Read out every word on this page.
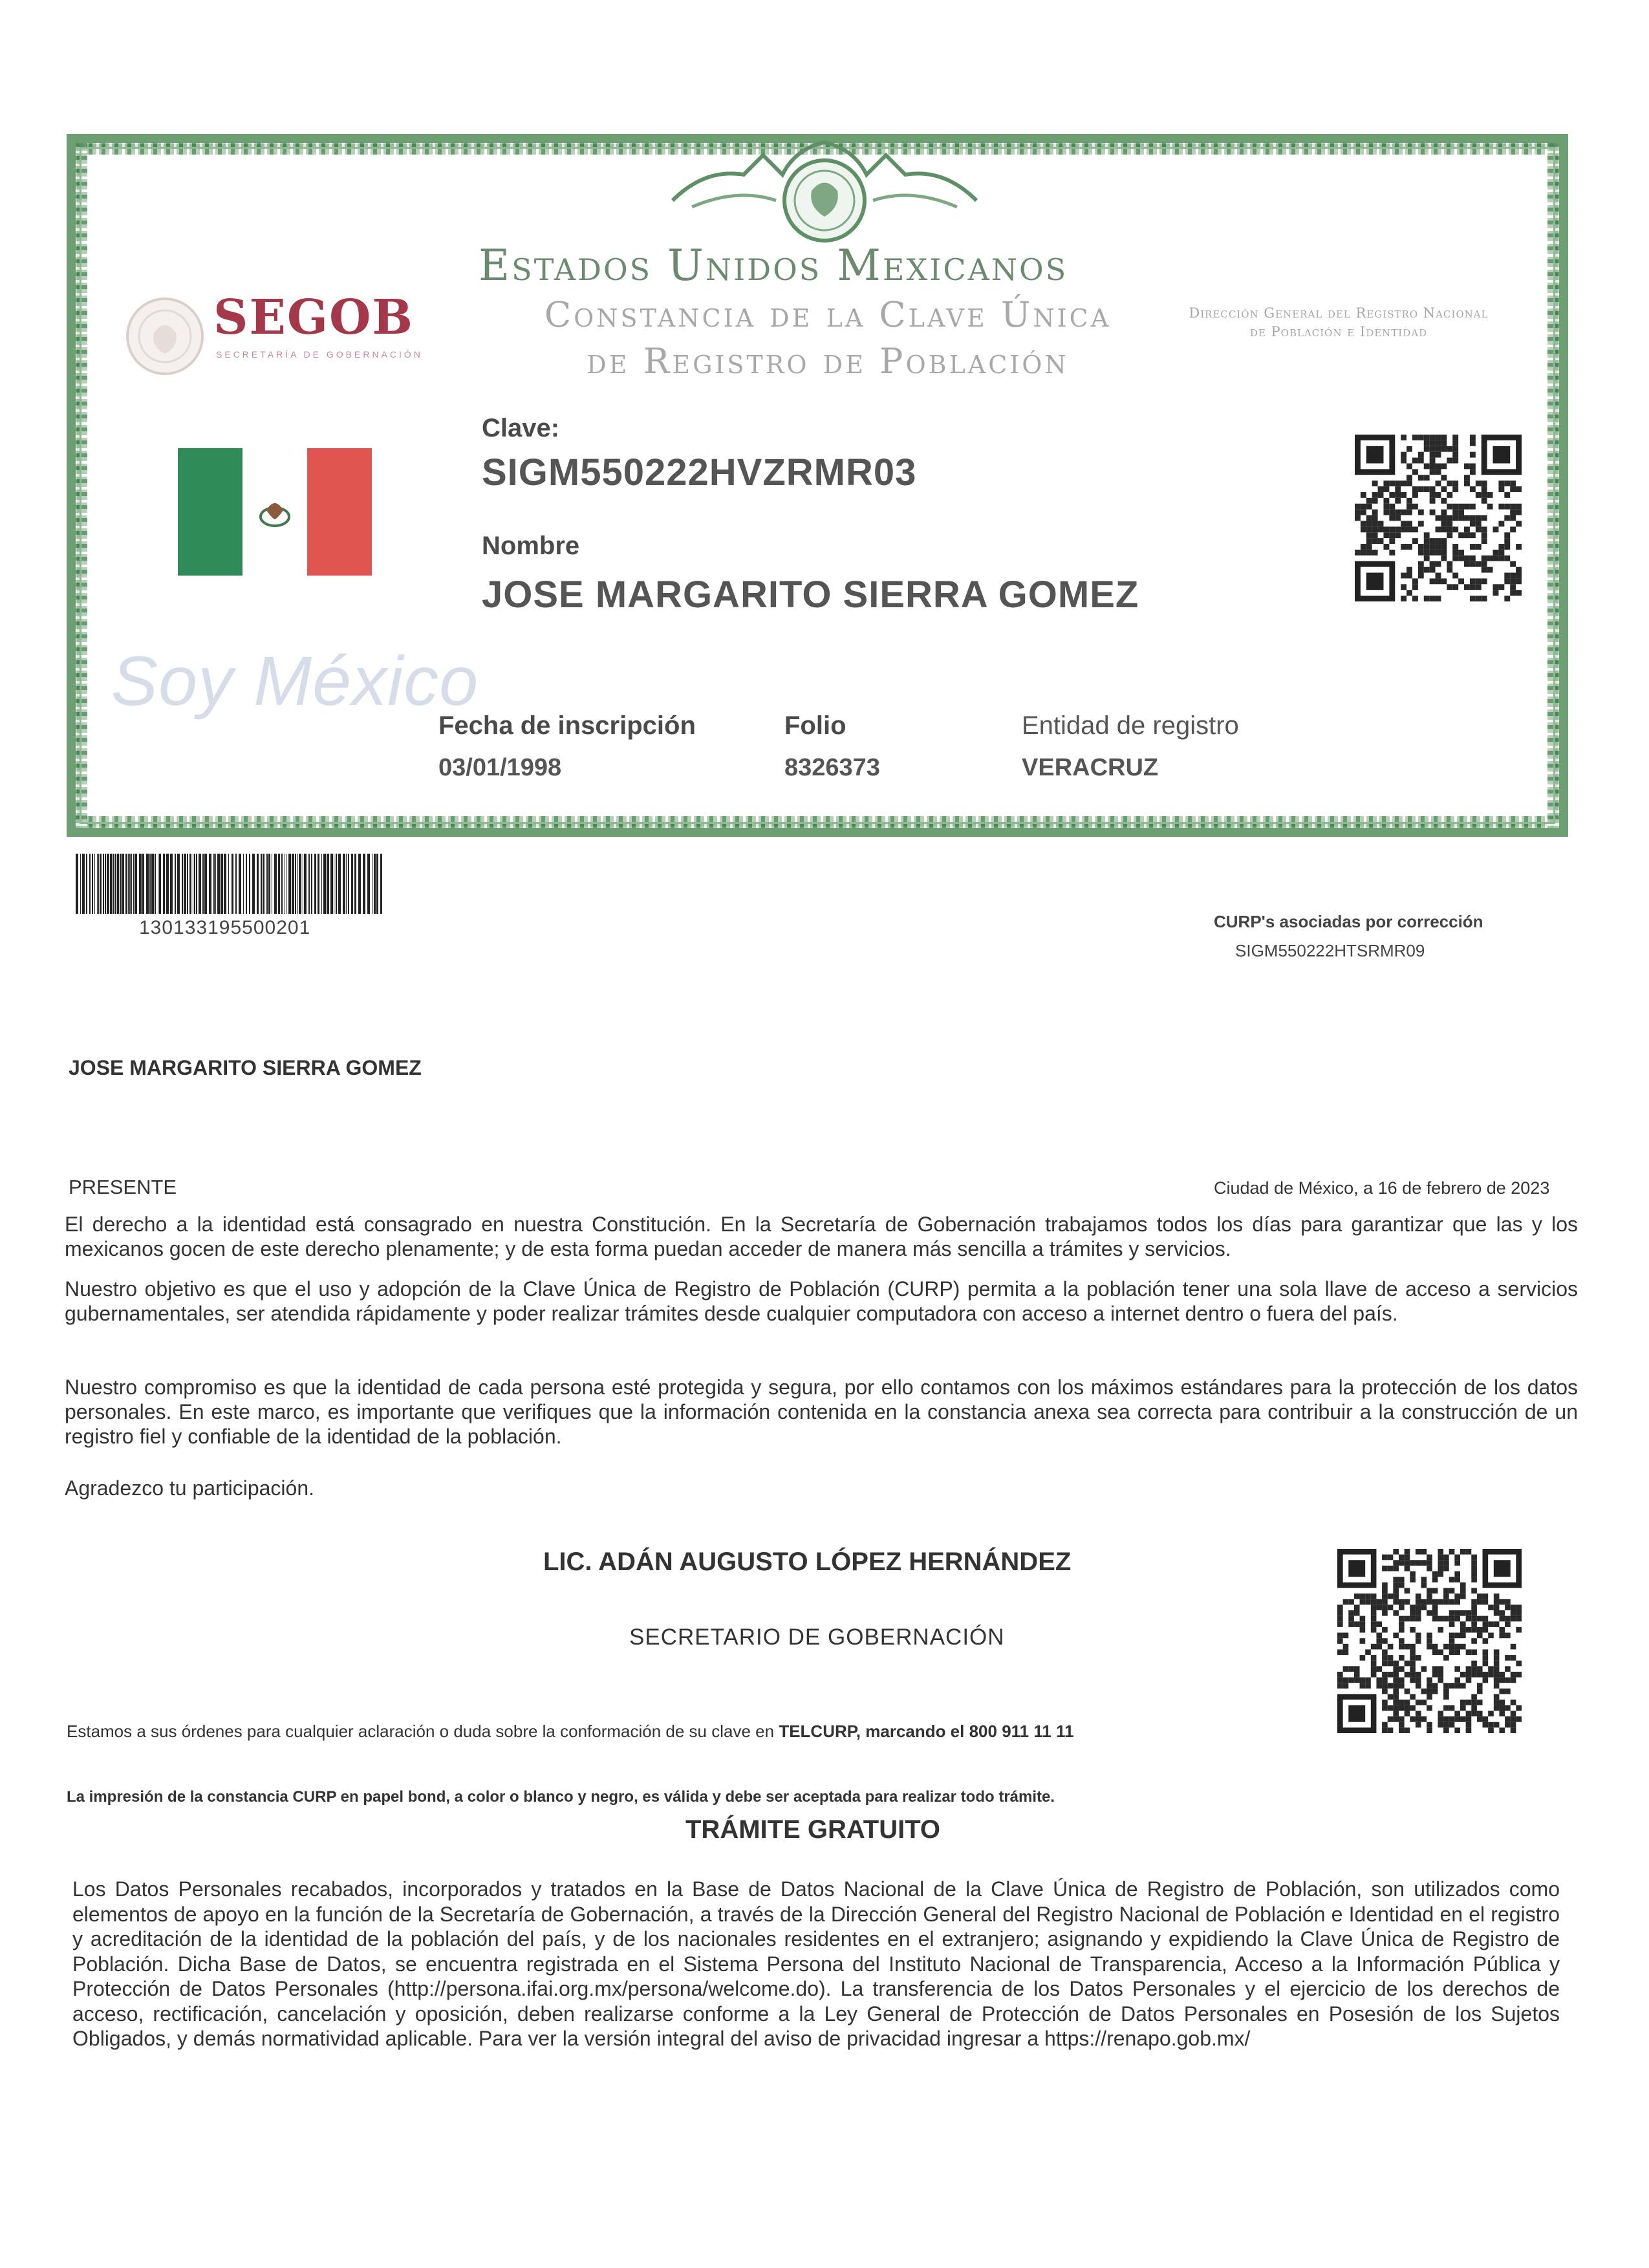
Estados Unidos Mexicanos
Constancia de la Clave Única
de Registro de Población
Dirección General del Registro Nacional de Población e Identidad
SEGOB
SECRETARÍA DE GOBERNACIÓN
Soy México
Clave:
SIGM550222HVZRMR03
Nombre
JOSE MARGARITO SIERRA GOMEZ
Fecha de inscripción
03/01/1998
Folio
8326373
Entidad de registro
VERACRUZ
130133195500201	CURP's asociadas por corrección
SIGM550222HTSRMR09
JOSE MARGARITO SIERRA GOMEZ
PRESENTE	Ciudad de México, a 16 de febrero de 2023
El derecho a la identidad está consagrado en nuestra Constitución. En la Secretaría de Gobernación trabajamos todos los días para garantizar que las y los mexicanos gocen de este derecho plenamente; y de esta forma puedan acceder de manera más sencilla a trámites y servicios.
Nuestro objetivo es que el uso y adopción de la Clave Única de Registro de Población (CURP) permita a la población tener una sola llave de acceso a servicios gubernamentales, ser atendida rápidamente y poder realizar trámites desde cualquier computadora con acceso a internet dentro o fuera del país.
Nuestro compromiso es que la identidad de cada persona esté protegida y segura, por ello contamos con los máximos estándares para la protección de los datos personales. En este marco, es importante que verifiques que la información contenida en la constancia anexa sea correcta para contribuir a la construcción de un registro fiel y confiable de la identidad de la población.
Agradezco tu participación.
LIC. ADÁN AUGUSTO LÓPEZ HERNÁNDEZ
SECRETARIO DE GOBERNACIÓN
Estamos a sus órdenes para cualquier aclaración o duda sobre la conformación de su clave en TELCURP, marcando el 800 911 11 11
La impresión de la constancia CURP en papel bond, a color o blanco y negro, es válida y debe ser aceptada para realizar todo trámite.
TRÁMITE GRATUITO
Los Datos Personales recabados, incorporados y tratados en la Base de Datos Nacional de la Clave Única de Registro de Población, son utilizados como elementos de apoyo en la función de la Secretaría de Gobernación, a través de la Dirección General del Registro Nacional de Población e Identidad en el registro y acreditación de la identidad de la población del país, y de los nacionales residentes en el extranjero; asignando y expidiendo la Clave Única de Registro de Población. Dicha Base de Datos, se encuentra registrada en el Sistema Persona del Instituto Nacional de Transparencia, Acceso a la Información Pública y Protección de Datos Personales (http://persona.ifai.org.mx/persona/welcome.do). La transferencia de los Datos Personales y el ejercicio de los derechos de acceso, rectificación, cancelación y oposición, deben realizarse conforme a la Ley General de Protección de Datos Personales en Posesión de los Sujetos Obligados, y demás normatividad aplicable. Para ver la versión integral del aviso de privacidad ingresar a https://renapo.gob.mx/
